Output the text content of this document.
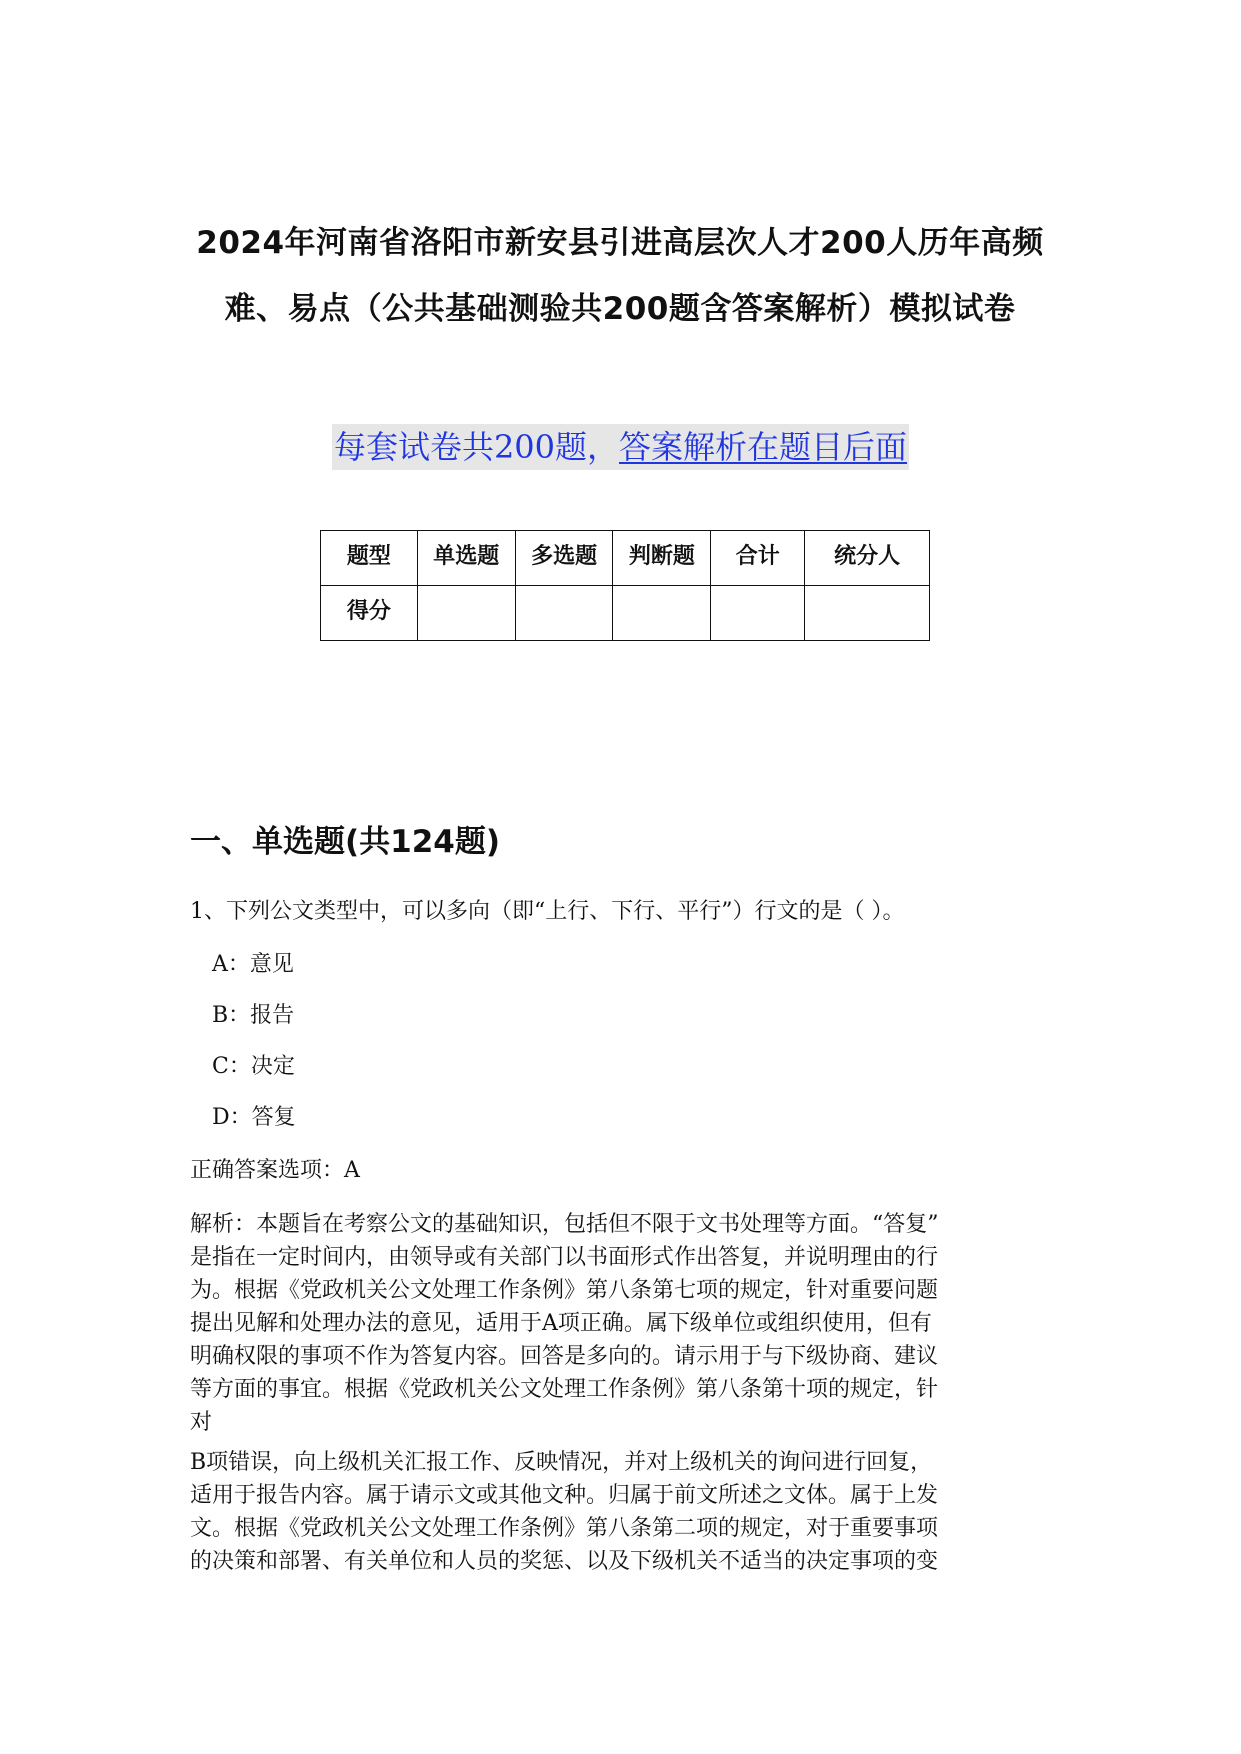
2024年河南省洛阳市新安县引进高层次人才200人历年高频
难、易点（公共基础测验共200题含答案解析）模拟试卷
每套试卷共200题，答案解析在题目后面
题型	单选题	多选题	判断题	合计	统分人
得分					
一、单选题(共124题)

1、下列公文类型中，可以多向（即“上行、下行、平行”）行文的是（ ）。

A：意见
B：报告
C：决定
D：答复

正确答案选项：A

解析：本题旨在考察公文的基础知识，包括但不限于文书处理等方面。“答复”
是指在一定时间内，由领导或有关部门以书面形式作出答复，并说明理由的行
为。根据《党政机关公文处理工作条例》第八条第七项的规定，针对重要问题
提出见解和处理办法的意见，适用于A项正确。属下级单位或组织使用，但有
明确权限的事项不作为答复内容。回答是多向的。请示用于与下级协商、建议
等方面的事宜。根据《党政机关公文处理工作条例》第八条第十项的规定，针
对

B项错误，向上级机关汇报工作、反映情况，并对上级机关的询问进行回复，
适用于报告内容。属于请示文或其他文种。归属于前文所述之文体。属于上发
文。根据《党政机关公文处理工作条例》第八条第二项的规定，对于重要事项
的决策和部署、有关单位和人员的奖惩、以及下级机关不适当的决定事项的变
